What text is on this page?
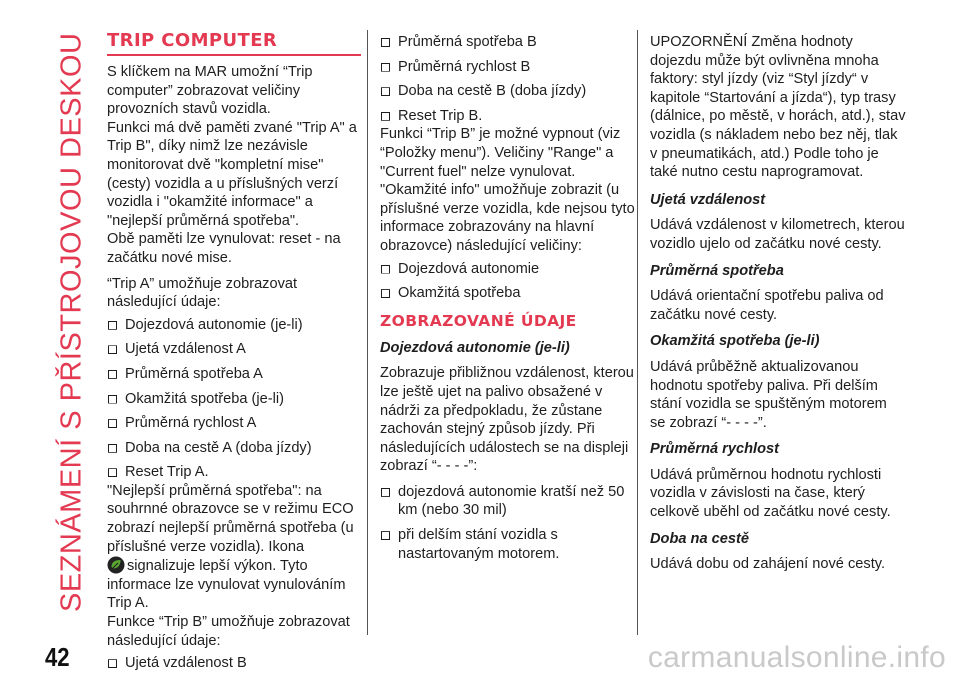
SEZNÁMENÍ S PŘÍSTROJOVOU DESKOU TRIP COMPUTER

S klíčkem na MAR umožní “Trip computer” zobrazovat veličiny provozních stavů vozidla.

Funkci má dvě paměti zvané "Trip A" a Trip B", díky nimž lze nezávisle monitorovat dvě "kompletní mise" (cesty) vozidla a u příslušných verzí vozidla i "okamžité informace" a "nejlepší průměrná spotřeba".

Obě paměti lze vynulovat: reset - na začátku nové mise.

“Trip A” umožňuje zobrazovat následující údaje:

Dojezdová autonomie (je-li)
Ujetá vzdálenost A
Průměrná spotřeba A
Okamžitá spotřeba (je-li)
Průměrná rychlost A
Doba na cestě A (doba jízdy)
Reset Trip A.

"Nejlepší průměrná spotřeba": na souhrnné obrazovce se v režimu ECO zobrazí nejlepší průměrná spotřeba (u příslušné verze vozidla). Ikona
signalizuje lepší výkon. Tyto informace lze vynulovat vynulováním Trip A.

Funkce “Trip B” umožňuje zobrazovat následující údaje:

Ujetá vzdálenost B
Průměrná spotřeba B
Průměrná rychlost B
Doba na cestě B (doba jízdy)
Reset Trip B.

Funkci “Trip B” je možné vypnout (viz “Položky menu”). Veličiny "Range" a "Current fuel" nelze vynulovat.

"Okamžité info" umožňuje zobrazit (u příslušné verze vozidla, kde nejsou tyto informace zobrazovány na hlavní obrazovce) následující veličiny:

Dojezdová autonomie
Okamžitá spotřeba
ZOBRAZOVANÉ ÚDAJE
Dojezdová autonomie (je-li)

Zobrazuje přibližnou vzdálenost, kterou lze ještě ujet na palivo obsažené v nádrži za předpokladu, že zůstane zachován stejný způsob jízdy. Při následujících událostech se na displeji zobrazí “- - - -”:

dojezdová autonomie kratší než 50 km (nebo 30 mil)
při delším stání vozidla s nastartovaným motorem.

UPOZORNĚNÍ Změna hodnoty dojezdu může být ovlivněna mnoha faktory: styl jízdy (viz “Styl jízdy“ v kapitole “Startování a jízda“), typ trasy (dálnice, po městě, v horách, atd.), stav vozidla (s nákladem nebo bez něj, tlak v pneumatikách, atd.) Podle toho je také nutno cestu naprogramovat.

Ujetá vzdálenost

Udává vzdálenost v kilometrech, kterou vozidlo ujelo od začátku nové cesty.

Průměrná spotřeba

Udává orientační spotřebu paliva od začátku nové cesty.

Okamžitá spotřeba (je-li)

Udává průběžně aktualizovanou hodnotu spotřeby paliva. Při delším stání vozidla se spuštěným motorem se zobrazí “- - - -”.

Průměrná rychlost

Udává průměrnou hodnotu rychlosti vozidla v závislosti na čase, který celkově uběhl od začátku nové cesty.

Doba na cestě

Udává dobu od zahájení nové cesty.

42	carmanualsonline.info
